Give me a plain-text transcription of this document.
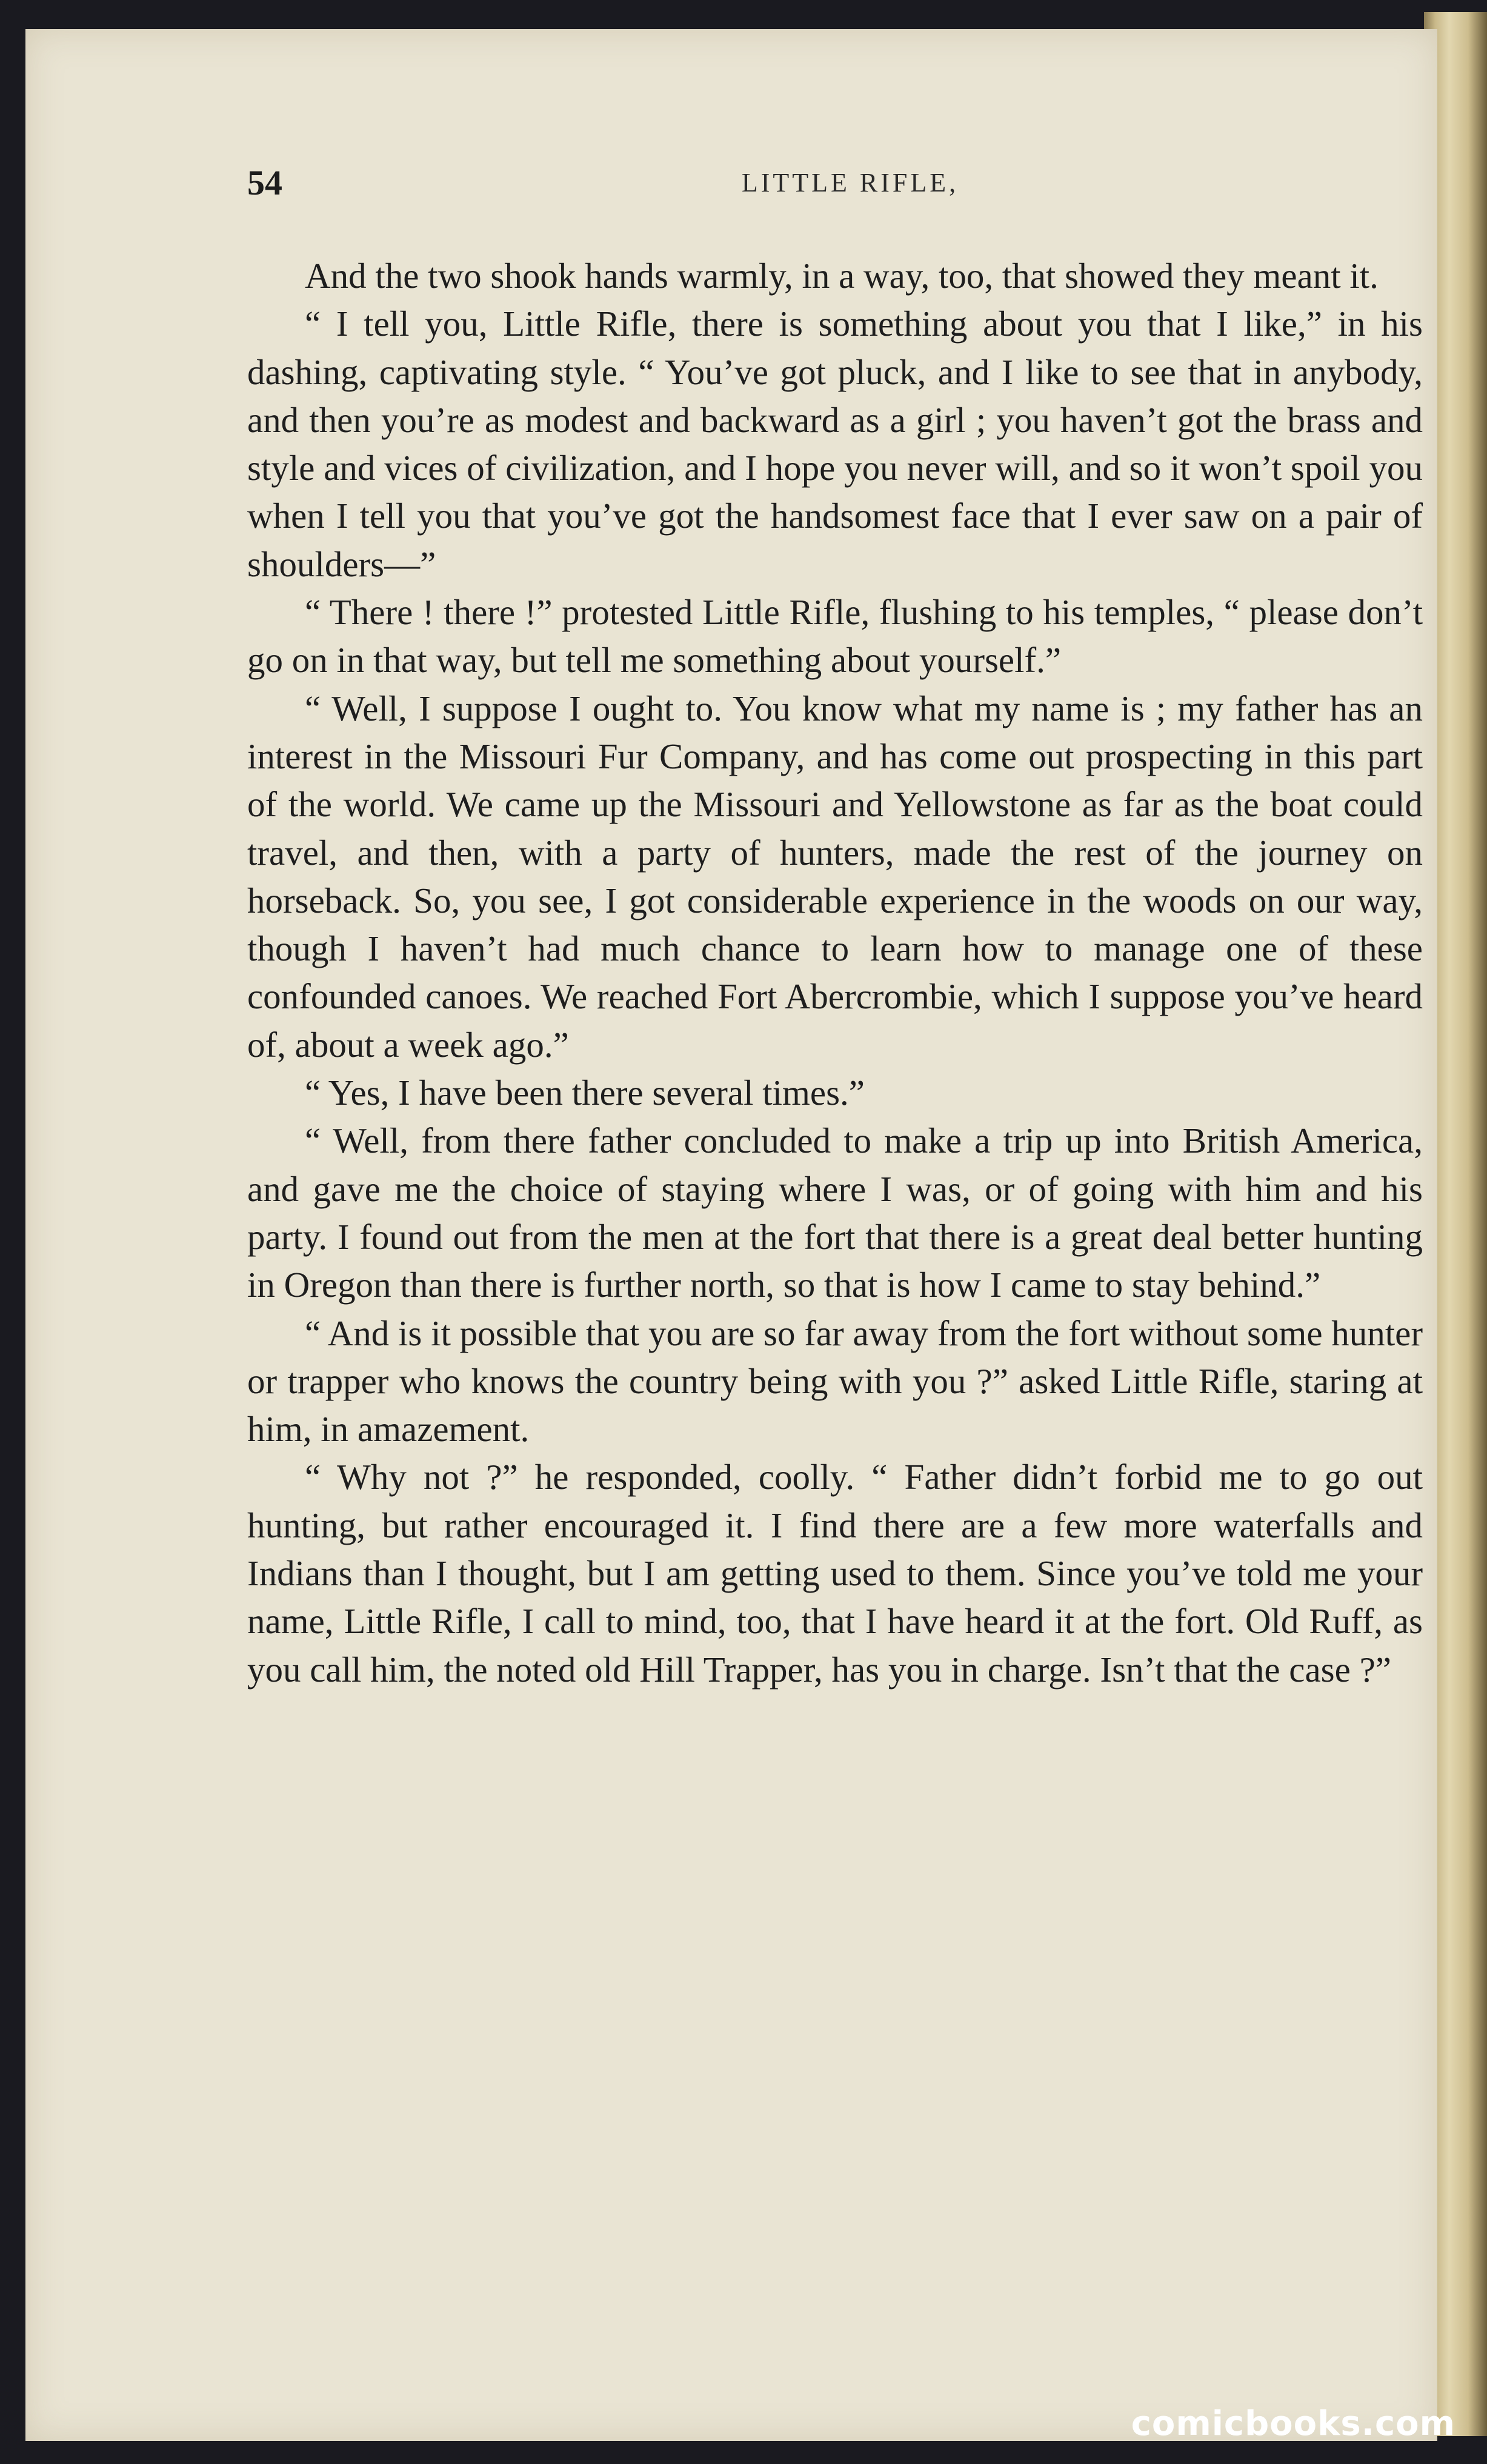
54	LITTLE RIFLE,

And the two shook hands warmly, in a way, too, that showed they meant it.

“ I tell you, Little Rifle, there is something about you that I like,” in his dashing, captivating style. “ You’ve got pluck, and I like to see that in anybody, and then you’re as modest and backward as a girl ; you haven’t got the brass and style and vices of civilization, and I hope you never will, and so it won’t spoil you when I tell you that you’ve got the handsomest face that I ever saw on a pair of shoulders—”

“ There ! there !” protested Little Rifle, flushing to his temples, “ please don’t go on in that way, but tell me something about yourself.”

“ Well, I suppose I ought to. You know what my name is ; my father has an interest in the Missouri Fur Company, and has come out prospecting in this part of the world. We came up the Missouri and Yellowstone as far as the boat could travel, and then, with a party of hunters, made the rest of the journey on horseback. So, you see, I got considerable experience in the woods on our way, though I haven’t had much chance to learn how to manage one of these confounded canoes. We reached Fort Abercrombie, which I suppose you’ve heard of, about a week ago.”

“ Yes, I have been there several times.”

“ Well, from there father concluded to make a trip up into British America, and gave me the choice of staying where I was, or of going with him and his party. I found out from the men at the fort that there is a great deal better hunting in Oregon than there is further north, so that is how I came to stay behind.”

“ And is it possible that you are so far away from the fort without some hunter or trapper who knows the country being with you ?” asked Little Rifle, staring at him, in amazement.

“ Why not ?” he responded, coolly. “ Father didn’t forbid me to go out hunting, but rather encouraged it. I find there are a few more waterfalls and Indians than I thought, but I am getting used to them. Since you’ve told me your name, Little Rifle, I call to mind, too, that I have heard it at the fort. Old Ruff, as you call him, the noted old Hill Trapper, has you in charge. Isn’t that the case ?”

comicbooks.com
